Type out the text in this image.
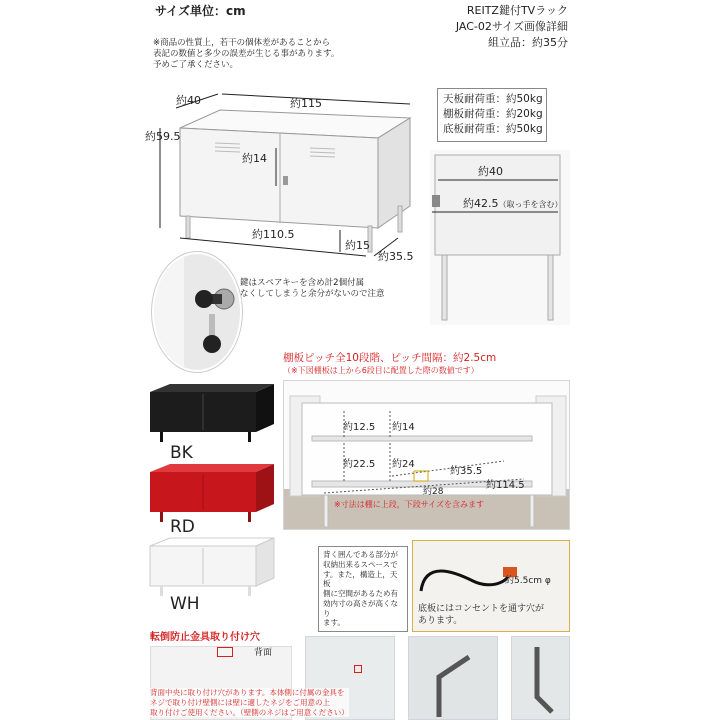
サイズ単位：cm	REITZ鍵付TVラック
JAC-02サイズ画像詳細
組立品：約35分
※商品の性質上，若干の個体差があることから
表記の数値と多少の誤差が生じる事があります。
予めご了承ください。
約40	約115
約59.5
約14
約110.5
約15
約35.5
天板耐荷重：約50kg
棚板耐荷重：約20kg
底板耐荷重：約50kg
約40
約42.5（取っ手を含む）
鍵はスペアキーを含め計2個付属
なくしてしまうと余分がないので注意
BK
RD
WH
棚板ピッチ全10段階、ピッチ間隔：約2.5cm
（※下図棚板は上から6段目に配置した際の数値です）
約12.5 約14
約22.5 約24
約35.5
約114.5
約28
※寸法は棚に上段，下段サイズを含みます
背く囲んである部分が
収納出来るスペースで
す。また，構造上，天板
側に空間があるため有
効内寸の高さが高くなり
ます。
約5.5cm φ
底板にはコンセントを通す穴が
あります。
転倒防止金具取り付け穴
背面
背面中央に取り付け穴があります。本体側に付属の金具を
ネジで取り付け壁側には壁に適したネジをご用意の上
取り付けご使用ください。（壁側のネジはご用意ください）
